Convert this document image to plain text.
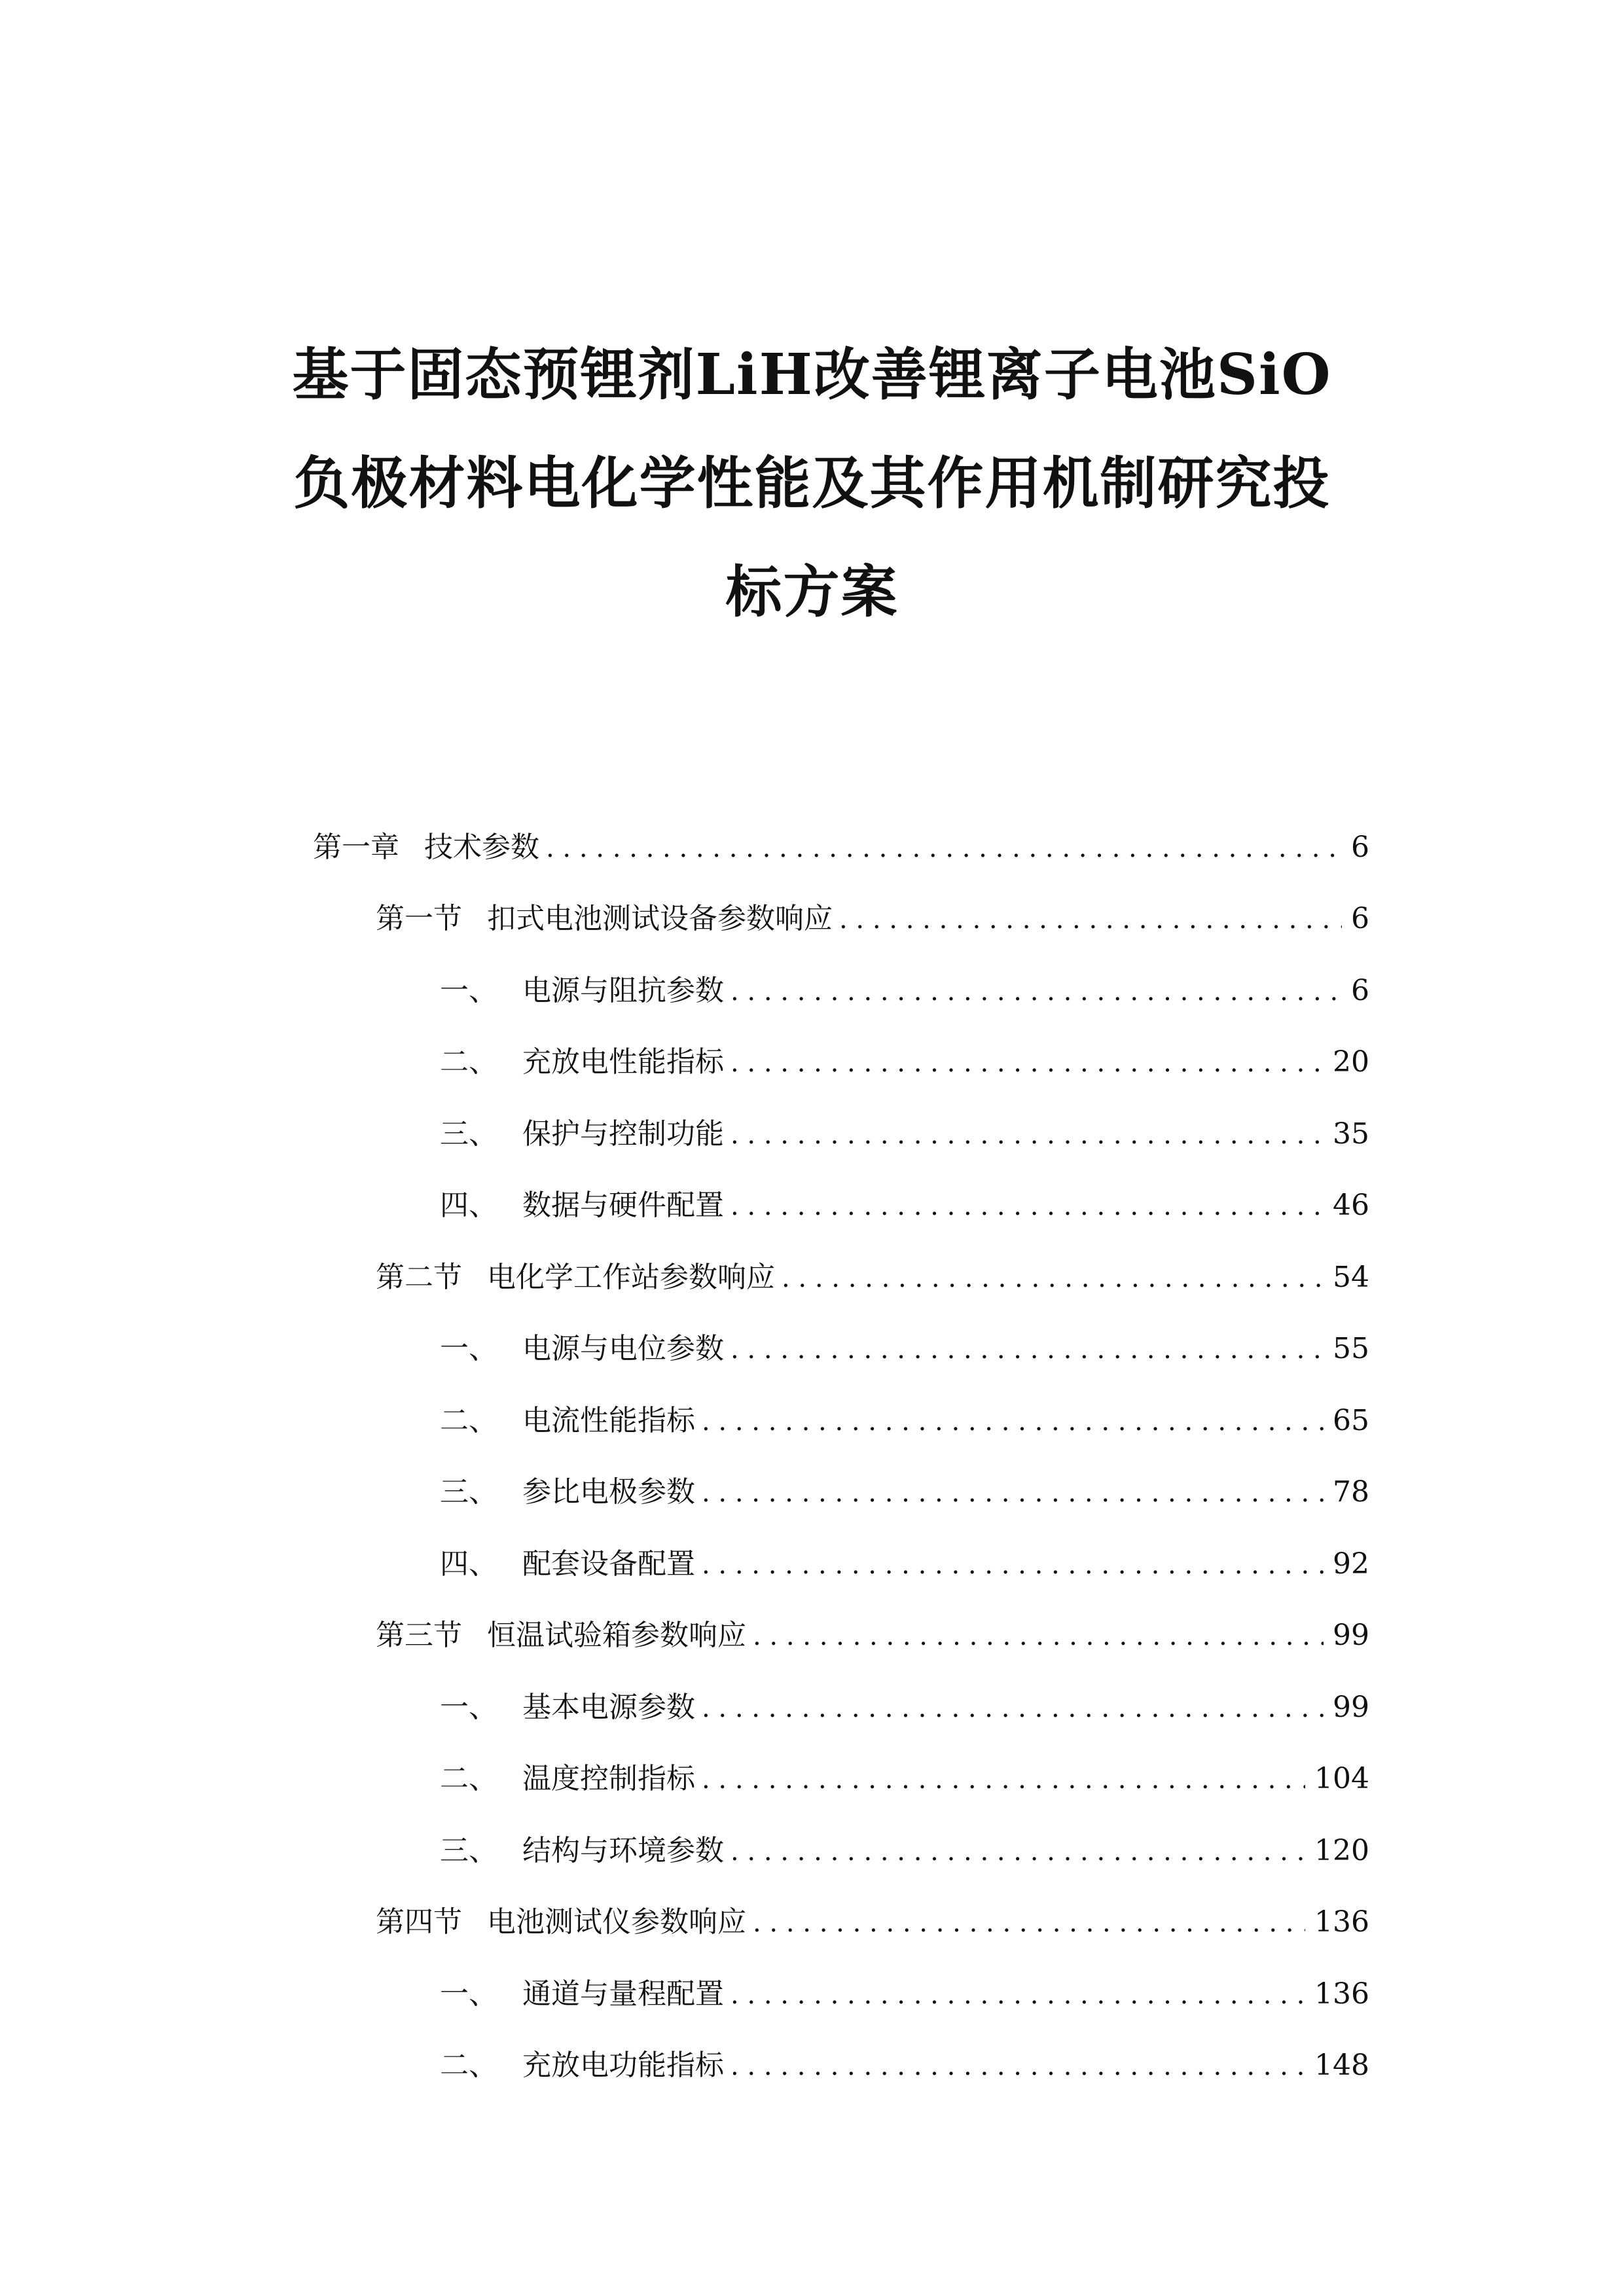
基于固态预锂剂LiH改善锂离子电池SiO
负极材料电化学性能及其作用机制研究投
标方案
第一章 技术参数 . . .	6
第一节 扣式电池测试设备参数响应 . . .	6
一、 电源与阻抗参数 . . .	6
二、 充放电性能指标 . . .	20
三、 保护与控制功能 . . .	35
四、 数据与硬件配置 . . .	46
第二节 电化学工作站参数响应 . . .	54
一、 电源与电位参数 . . .	55
二、 电流性能指标 . . .	65
三、 参比电极参数 . . .	78
四、 配套设备配置 . . .	92
第三节 恒温试验箱参数响应 . . .	99
一、 基本电源参数 . . .	99
二、 温度控制指标 . . .	104
三、 结构与环境参数 . . .	120
第四节 电池测试仪参数响应 . . .	136
一、 通道与量程配置 . . .	136
二、 充放电功能指标 . . .	148
